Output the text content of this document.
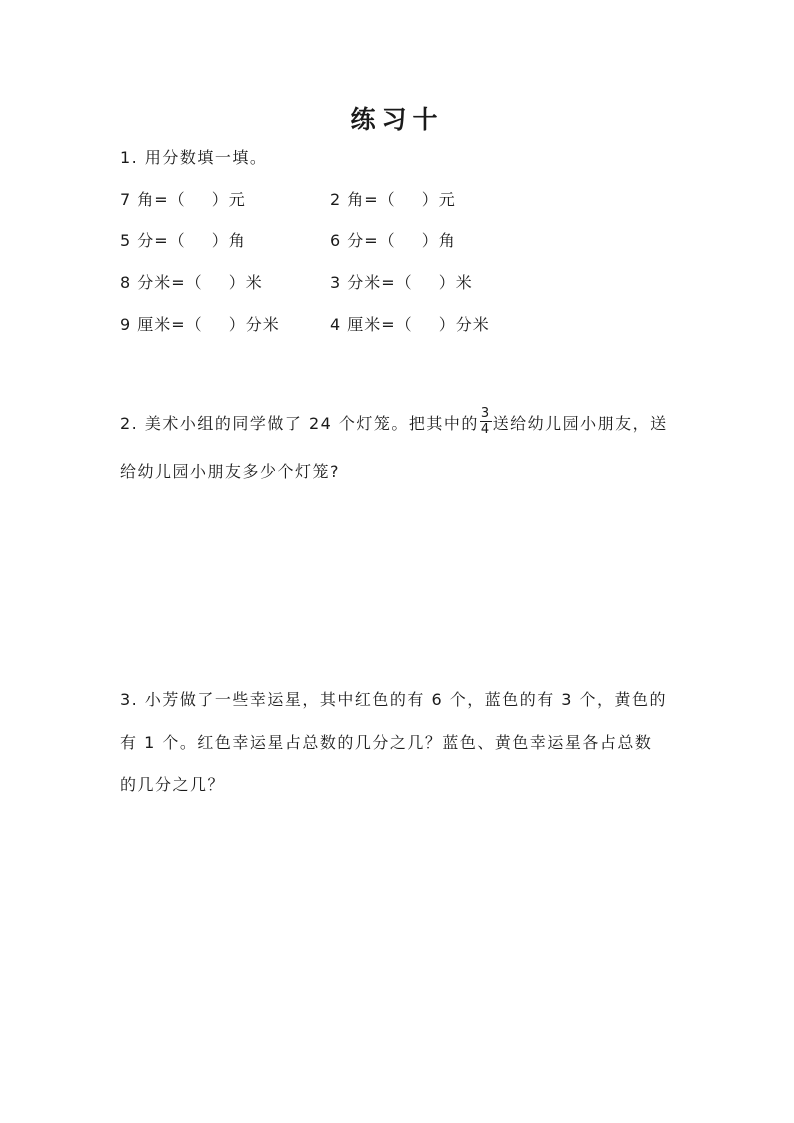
练习十
1. 用分数填一填。
7 角=（ ）元	2 角=（ ）元
5 分=（ ）角	6 分=（ ）角
8 分米=（ ）米	3 分米=（ ）米
9 厘米=（ ）分米	4 厘米=（ ）分米
2. 美术小组的同学做了 24 个灯笼。把其中的 $\frac{3}{4}$ 送给幼儿园小朋友，送
给幼儿园小朋友多少个灯笼?
3. 小芳做了一些幸运星，其中红色的有 6 个，蓝色的有 3 个，黄色的
有 1 个。红色幸运星占总数的几分之几？蓝色、黄色幸运星各占总数
的几分之几？
